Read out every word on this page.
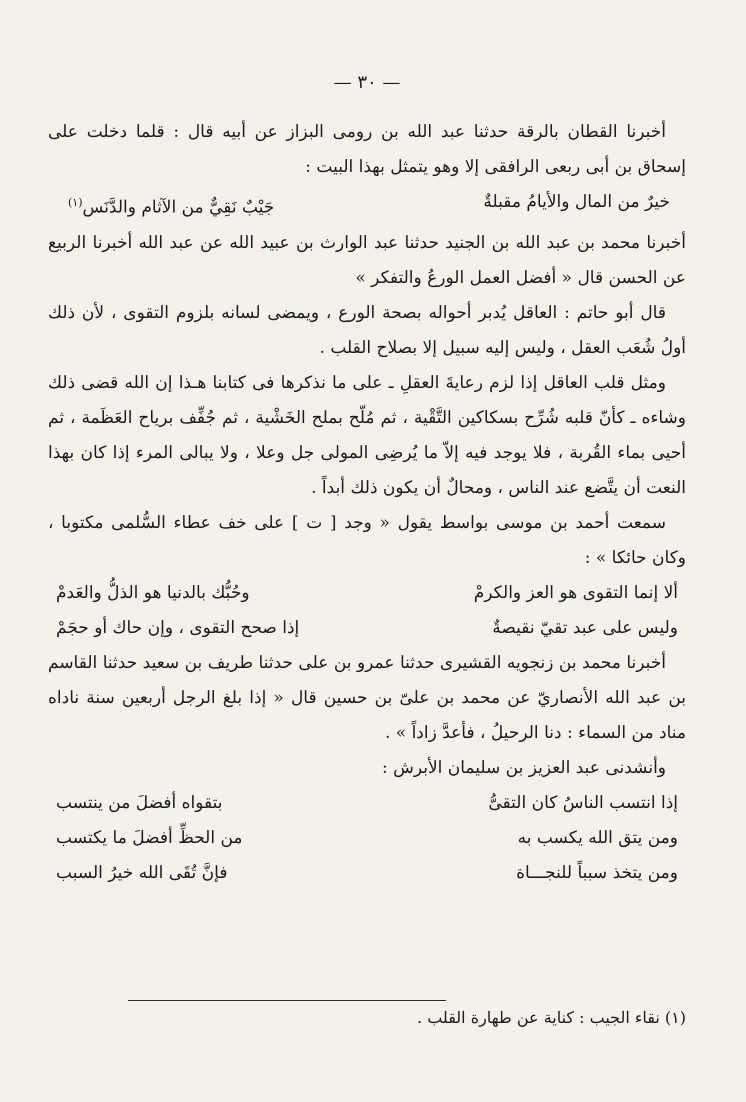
— ٣٠ —

أخبرنا القطان بالرقة حدثنا عبد الله بن رومى البزاز عن أبيه قال : قلما دخلت على إسحاق بن أبى ربعى الرافقى إلا وهو يتمثل بهذا البيت :

خيرٌ من المال والأيامُ مقبلةٌ
جَيْبٌ نَقِيٌّ من الآثام والدَّنَس$^{(١)}$

أخبرنا محمد بن عبد الله بن الجنيد حدثنا عبد الوارث بن عبيد الله عن عبد الله أخبرنا الربيع عن الحسن قال « أفضل العمل الورعُ والتفكر »

قال أبو حاتم : العاقل يُدبر أحواله بصحة الورع ، ويمضى لسانه بلزوم التقوى ، لأن ذلك أولُ شُعَب العقل ، وليس إليه سبيل إلا بصلاح القلب .

ومثل قلب العاقل إذا لزم رعايةَ العقلِ ـ على ما نذكرها فى كتابنا هـذا إن الله قضى ذلك وشاءه ـ كأنّ قلبه شُرِّح بسكاكين التَّقْية ، ثم مُلّح بملح الخَشْية ، ثم جُفِّف برياح العَظَمة ، ثم أحيى بماء القُربة ، فلا يوجد فيه إلاّ ما يُرضِى المولى جل وعلا ، ولا يبالى المرء إذا كان بهذا النعت أن يتَّضع عند الناس ، ومحالٌ أن يكون ذلك أبداً .

سمعت أحمد بن موسى بواسط يقول « وجد [ ت ] على خف عطاء السُّلمى مكتوبا ، وكان حائكا » :

ألا إنما التقوى هو العز والكرمْ
وحُبُّك بالدنيا هو الذلُّ والعَدمْ
وليس على عبد تقيّ نقيصةٌ
إذا صحح التقوى ، وإن حاك أو حجَمْ

أخبرنا محمد بن زنجويه القشيرى حدثنا عمرو بن على حدثنا طريف بن سعيد حدثنا القاسم بن عبد الله الأنصاريّ عن محمد بن علىّ بن حسين قال « إذا بلغ الرجل أربعين سنة ناداه مناد من السماء : دنا الرحيلُ ، فأعدَّ زاداً » .

وأنشدنى عبد العزيز بن سليمان الأبرش :

إذا انتسب الناسُ كان التقىُّ
بتقواه أفضلَ من ينتسب
ومن يتق الله يكسب به
من الحظِّ أفضلَ ما يكتسب
ومن يتخذ سبباً للنجـــاة
فإنَّ تُقَى الله خيرُ السبب
(١) نقاء الجيب : كناية عن طهارة القلب .
